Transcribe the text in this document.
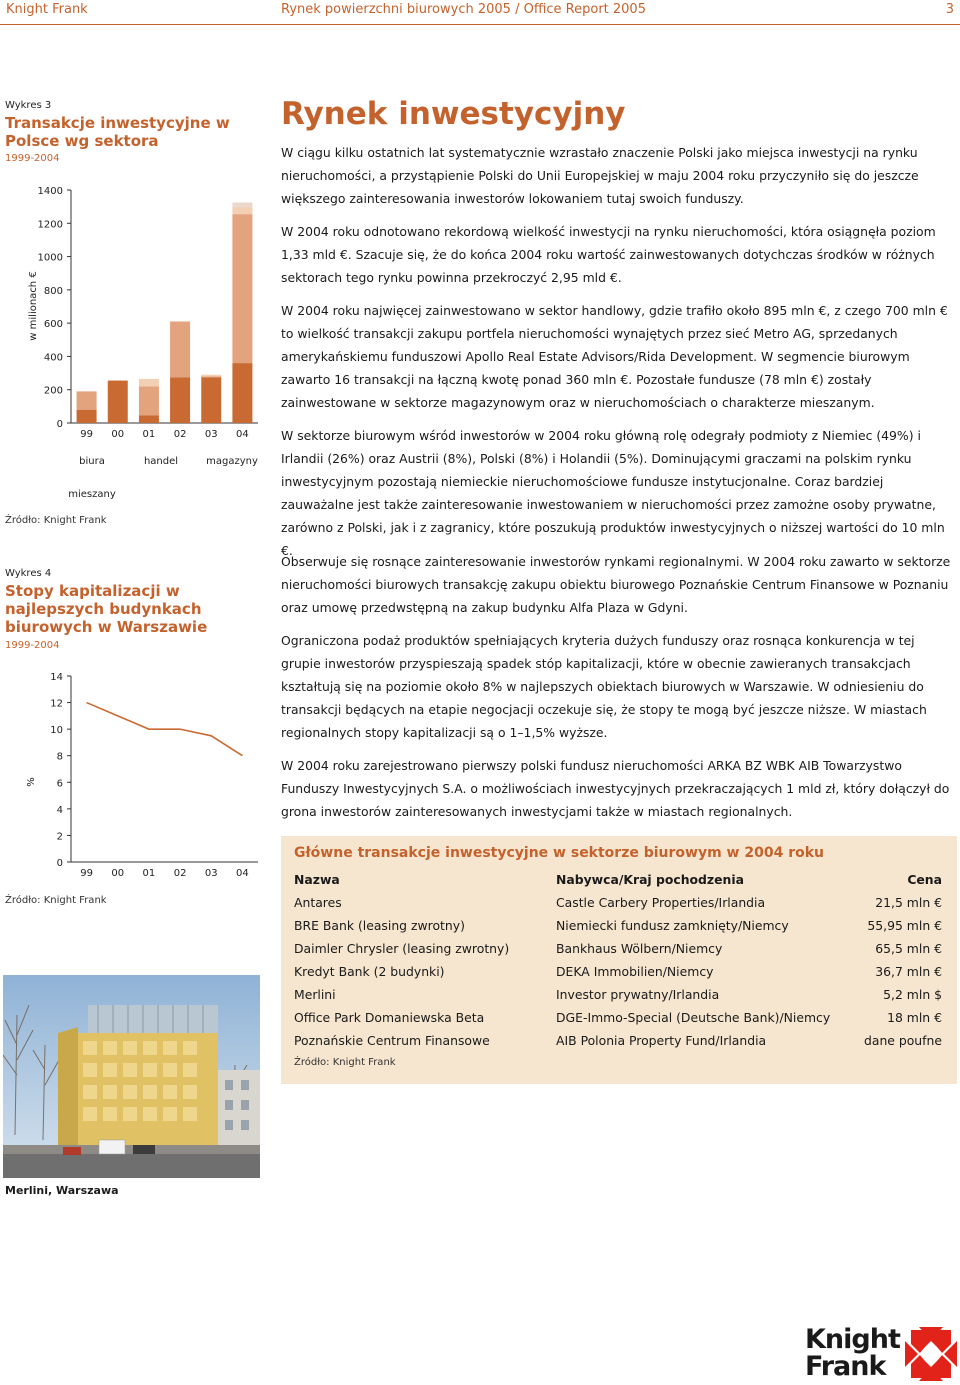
Knight Frank	Rynek powierzchni biurowych 2005 / Office Report 2005	3
Wykres 3
Transakcje inwestycyjne w Polsce wg sektora
1999-2004
0
200
400
600
800
1000
1200
1400
w milionach €
99 00 01 02 03 04
biura	handel	magazyny
mieszany
Źródło: Knight Frank
Wykres 4
Stopy kapitalizacji w najlepszych budynkach biurowych w Warszawie
1999-2004
0
2
4
6
8
10
12
14
%
99 00 01 02 03 04
Źródło: Knight Frank
Merlini, Warszawa
Rynek inwestycyjny

W ciągu kilku ostatnich lat systematycznie wzrastało znaczenie Polski jako miejsca inwestycji na rynku nieruchomości, a przystąpienie Polski do Unii Europejskiej w maju 2004 roku przyczyniło się do jeszcze większego zainteresowania inwestorów lokowaniem tutaj swoich funduszy.

W 2004 roku odnotowano rekordową wielkość inwestycji na rynku nieruchomości, która osiągnęła poziom 1,33 mld €. Szacuje się, że do końca 2004 roku wartość zainwestowanych dotychczas środków w różnych sektorach tego rynku powinna przekroczyć 2,95 mld €.

W 2004 roku najwięcej zainwestowano w sektor handlowy, gdzie trafiło około 895 mln €, z czego 700 mln € to wielkość transakcji zakupu portfela nieruchomości wynajętych przez sieć Metro AG, sprzedanych amerykańskiemu funduszowi Apollo Real Estate Advisors/Rida Development. W segmencie biurowym zawarto 16 transakcji na łączną kwotę ponad 360 mln €. Pozostałe fundusze (78 mln €) zostały zainwestowane w sektorze magazynowym oraz w nieruchomościach o charakterze mieszanym.

W sektorze biurowym wśród inwestorów w 2004 roku główną rolę odegrały podmioty z Niemiec (49%) i Irlandii (26%) oraz Austrii (8%), Polski (8%) i Holandii (5%). Dominującymi graczami na polskim rynku inwestycyjnym pozostają niemieckie nieruchomościowe fundusze instytucjonalne. Coraz bardziej zauważalne jest także zainteresowanie inwestowaniem w nieruchomości przez zamożne osoby prywatne, zarówno z Polski, jak i z zagranicy, które poszukują produktów inwestycyjnych o niższej wartości do 10 mln €.

Obserwuje się rosnące zainteresowanie inwestorów rynkami regionalnymi. W 2004 roku zawarto w sektorze nieruchomości biurowych transakcję zakupu obiektu biurowego Poznańskie Centrum Finansowe w Poznaniu oraz umowę przedwstępną na zakup budynku Alfa Plaza w Gdyni.

Ograniczona podaż produktów spełniających kryteria dużych funduszy oraz rosnąca konkurencja w tej grupie inwestorów przyspieszają spadek stóp kapitalizacji, które w obecnie zawieranych transakcjach kształtują się na poziomie około 8% w najlepszych obiektach biurowych w Warszawie. W odniesieniu do transakcji będących na etapie negocjacji oczekuje się, że stopy te mogą być jeszcze niższe. W miastach regionalnych stopy kapitalizacji są o 1–1,5% wyższe.

W 2004 roku zarejestrowano pierwszy polski fundusz nieruchomości ARKA BZ WBK AIB Towarzystwo Funduszy Inwestycyjnych S.A. o możliwościach inwestycyjnych przekraczających 1 mld zł, który dołączył do grona inwestorów zainteresowanych inwestycjami także w miastach regionalnych.

Główne transakcje inwestycyjne w sektorze biurowym w 2004 roku
Nazwa	Nabywca/Kraj pochodzenia	Cena
Antares	Castle Carbery Properties/Irlandia	21,5 mln €
BRE Bank (leasing zwrotny)	Niemiecki fundusz zamknięty/Niemcy	55,95 mln €
Daimler Chrysler (leasing zwrotny)	Bankhaus Wölbern/Niemcy	65,5 mln €
Kredyt Bank (2 budynki)	DEKA Immobilien/Niemcy	36,7 mln €
Merlini	Investor prywatny/Irlandia	5,2 mln $
Office Park Domaniewska Beta	DGE-Immo-Special (Deutsche Bank)/Niemcy	18 mln €
Poznańskie Centrum Finansowe	AIB Polonia Property Fund/Irlandia	dane poufne
Źródło: Knight Frank
Knight
Frank
